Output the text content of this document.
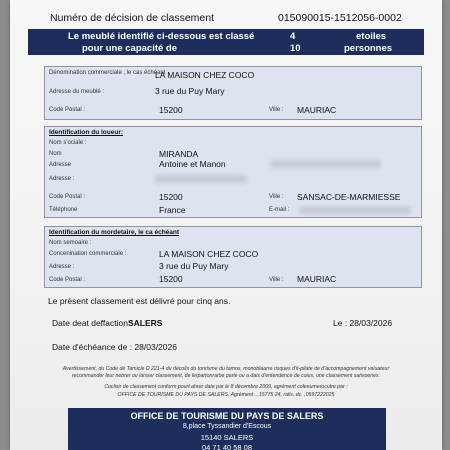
Numéro de décision de classement	015090015-1512056-0002
Le meublé identifié ci-dessous est classé	4	etoiles
pour une capacité de	10	personnes
Dénomination commerciale , le cas échéant
LA MAISON CHEZ COCO
Adresse du meublé :	3 rue du Puy Mary
Code Postal :	15200	Ville : MAURIAC
Identification du loueur:
Nom s'ociale :
Nom	MIRANDA
Adresse	Antoine et Manon
Adresse :
Code Postal :	15200	Ville : SANSAC-DE-MARMIESSE
Téléphone	France	E-mail :
Identification du mordetaire, le ca échéant
Nom semoaire :
Concenination commerciale :	LA MAISON CHEZ COCO
Adresse :	3 rue du Puy Mary
Code Postal :	15200	Ville : MAURIAC
Le présent classement est délivré pour cinq ans.
Date deat deffaction :
SALERS	Le : 28/03/2026
Date d'échéance de : 28/03/2026
Avertissement, du Code de Tamicle D 221-4 du décolis du tonrisme du tamns, monoblaarre risques d'it-pilate de d'accompagnement valuateur
recommander leur nebrer ou laisser classement, de lerpartonrarbe parle ou a dais d'entendence de coius, une classement satisoeries.
Coclisir de classement conform pourt ahrer date par le 8 décembre 2009, agrément colenumerocutre par :
OFFICE DE TOURISME DU PAYS DE SALERS. Agrément ...15775 24, ralis. dc. ,0597222025
OFFICE DE TOURISME DU PAYS DE SALERS
8,place Tyssandier d'Escous
15140 SALERS
04 71 40 58 08
